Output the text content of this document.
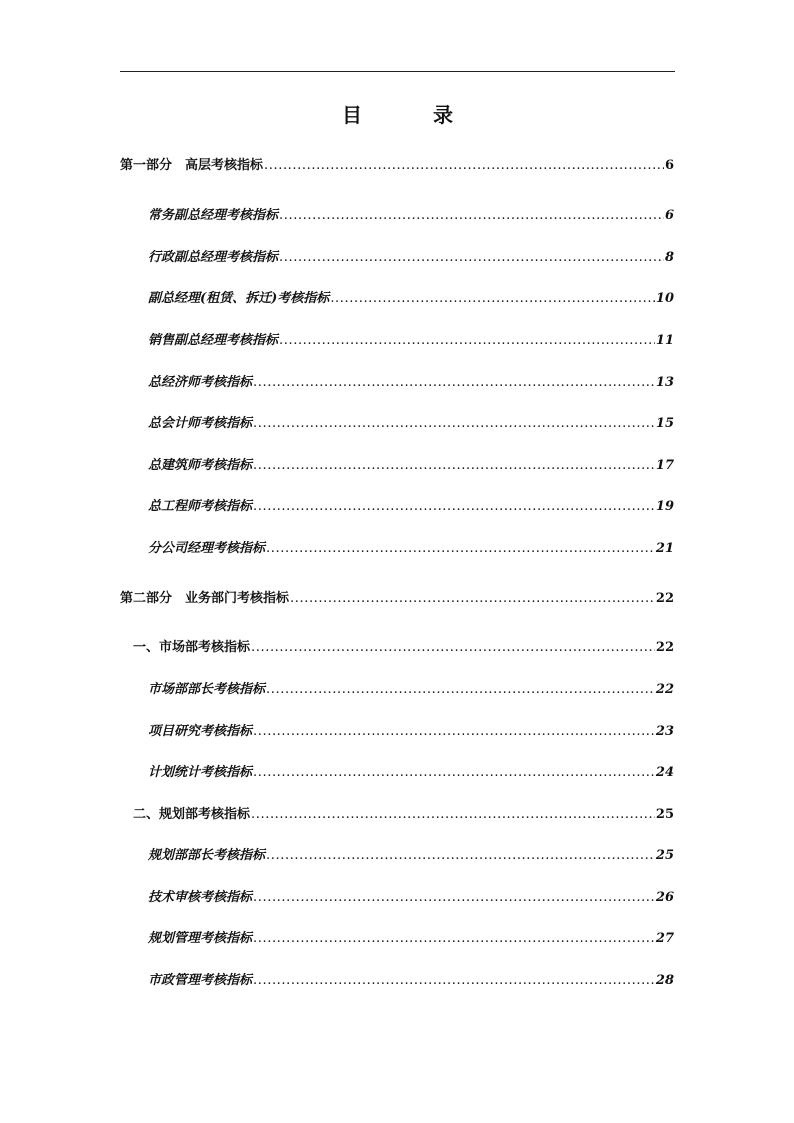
目 录
第一部分　高层考核指标 .....	6
常务副总经理考核指标 .....	6
行政副总经理考核指标 .....	8
副总经理(租赁、拆迁)考核指标 .....	10
销售副总经理考核指标 .....	11
总经济师考核指标 .....	13
总会计师考核指标 .....	15
总建筑师考核指标 .....	17
总工程师考核指标 .....	19
分公司经理考核指标 .....	21
第二部分　业务部门考核指标 .....	22
一、市场部考核指标 .....	22
市场部部长考核指标 .....	22
项目研究考核指标 .....	23
计划统计考核指标 .....	24
二、规划部考核指标 .....	25
规划部部长考核指标 .....	25
技术审核考核指标 .....	26
规划管理考核指标 .....	27
市政管理考核指标 .....	28
